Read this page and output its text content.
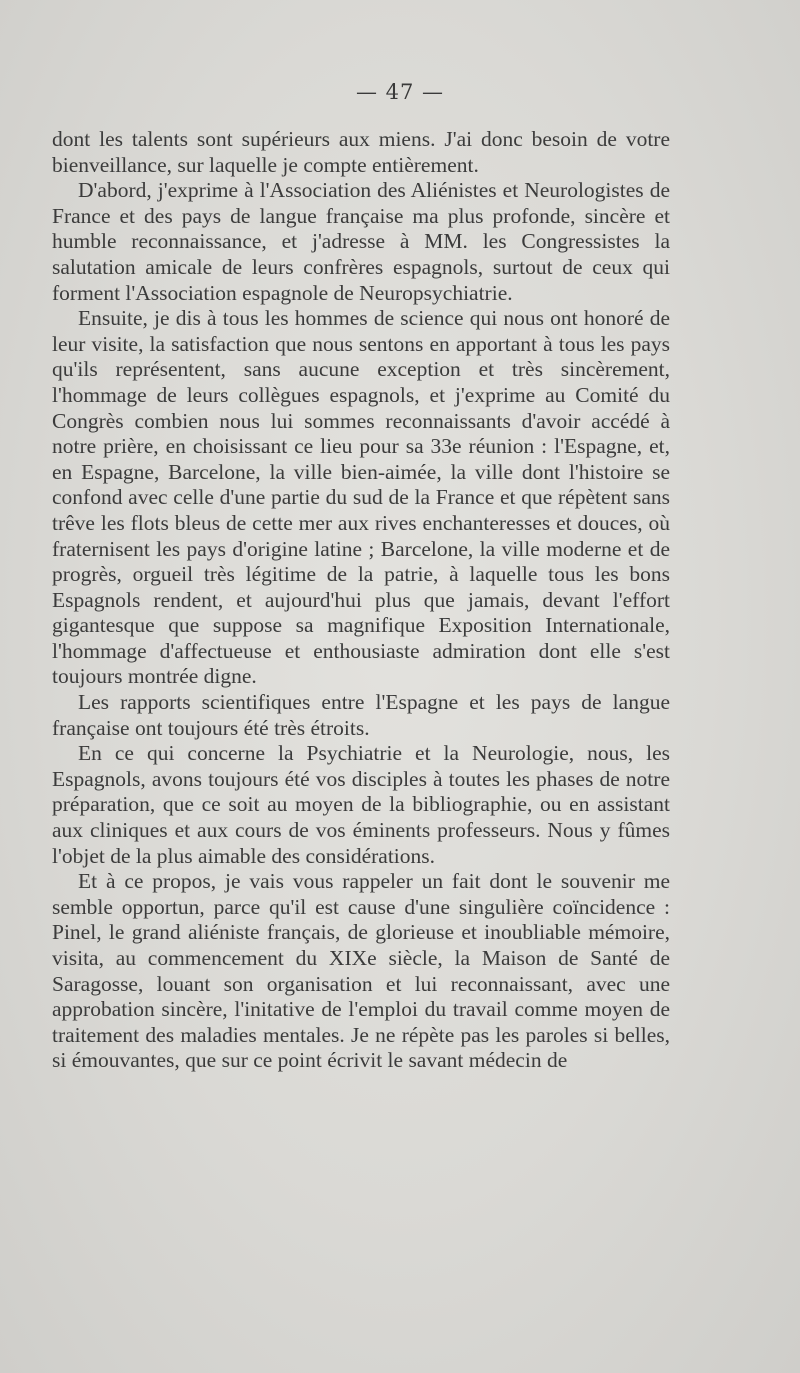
— 47 —

dont les talents sont supérieurs aux miens. J'ai donc besoin de votre bienveillance, sur laquelle je compte entièrement.

D'abord, j'exprime à l'Association des Aliénistes et Neurologistes de France et des pays de langue française ma plus profonde, sincère et humble reconnaissance, et j'adresse à MM. les Congressistes la salutation amicale de leurs confrères espagnols, surtout de ceux qui forment l'Association espagnole de Neuropsychiatrie.

Ensuite, je dis à tous les hommes de science qui nous ont honoré de leur visite, la satisfaction que nous sentons en apportant à tous les pays qu'ils représentent, sans aucune exception et très sincèrement, l'hommage de leurs collègues espagnols, et j'exprime au Comité du Congrès combien nous lui sommes reconnaissants d'avoir accédé à notre prière, en choisissant ce lieu pour sa 33e réunion : l'Espagne, et, en Espagne, Barcelone, la ville bien-aimée, la ville dont l'histoire se confond avec celle d'une partie du sud de la France et que répètent sans trêve les flots bleus de cette mer aux rives enchanteresses et douces, où fraternisent les pays d'origine latine ; Barcelone, la ville moderne et de progrès, orgueil très légitime de la patrie, à laquelle tous les bons Espagnols rendent, et aujourd'hui plus que jamais, devant l'effort gigantesque que suppose sa magnifique Exposition Internationale, l'hommage d'affectueuse et enthousiaste admiration dont elle s'est toujours montrée digne.

Les rapports scientifiques entre l'Espagne et les pays de langue française ont toujours été très étroits.

En ce qui concerne la Psychiatrie et la Neurologie, nous, les Espagnols, avons toujours été vos disciples à toutes les phases de notre préparation, que ce soit au moyen de la bibliographie, ou en assistant aux cliniques et aux cours de vos éminents professeurs. Nous y fûmes l'objet de la plus aimable des considérations.

Et à ce propos, je vais vous rappeler un fait dont le souvenir me semble opportun, parce qu'il est cause d'une singulière coïncidence : Pinel, le grand aliéniste français, de glorieuse et inoubliable mémoire, visita, au commencement du XIXe siècle, la Maison de Santé de Saragosse, louant son organisation et lui reconnaissant, avec une approbation sincère, l'initative de l'emploi du travail comme moyen de traitement des maladies mentales. Je ne répète pas les paroles si belles, si émouvantes, que sur ce point écrivit le savant médecin de
